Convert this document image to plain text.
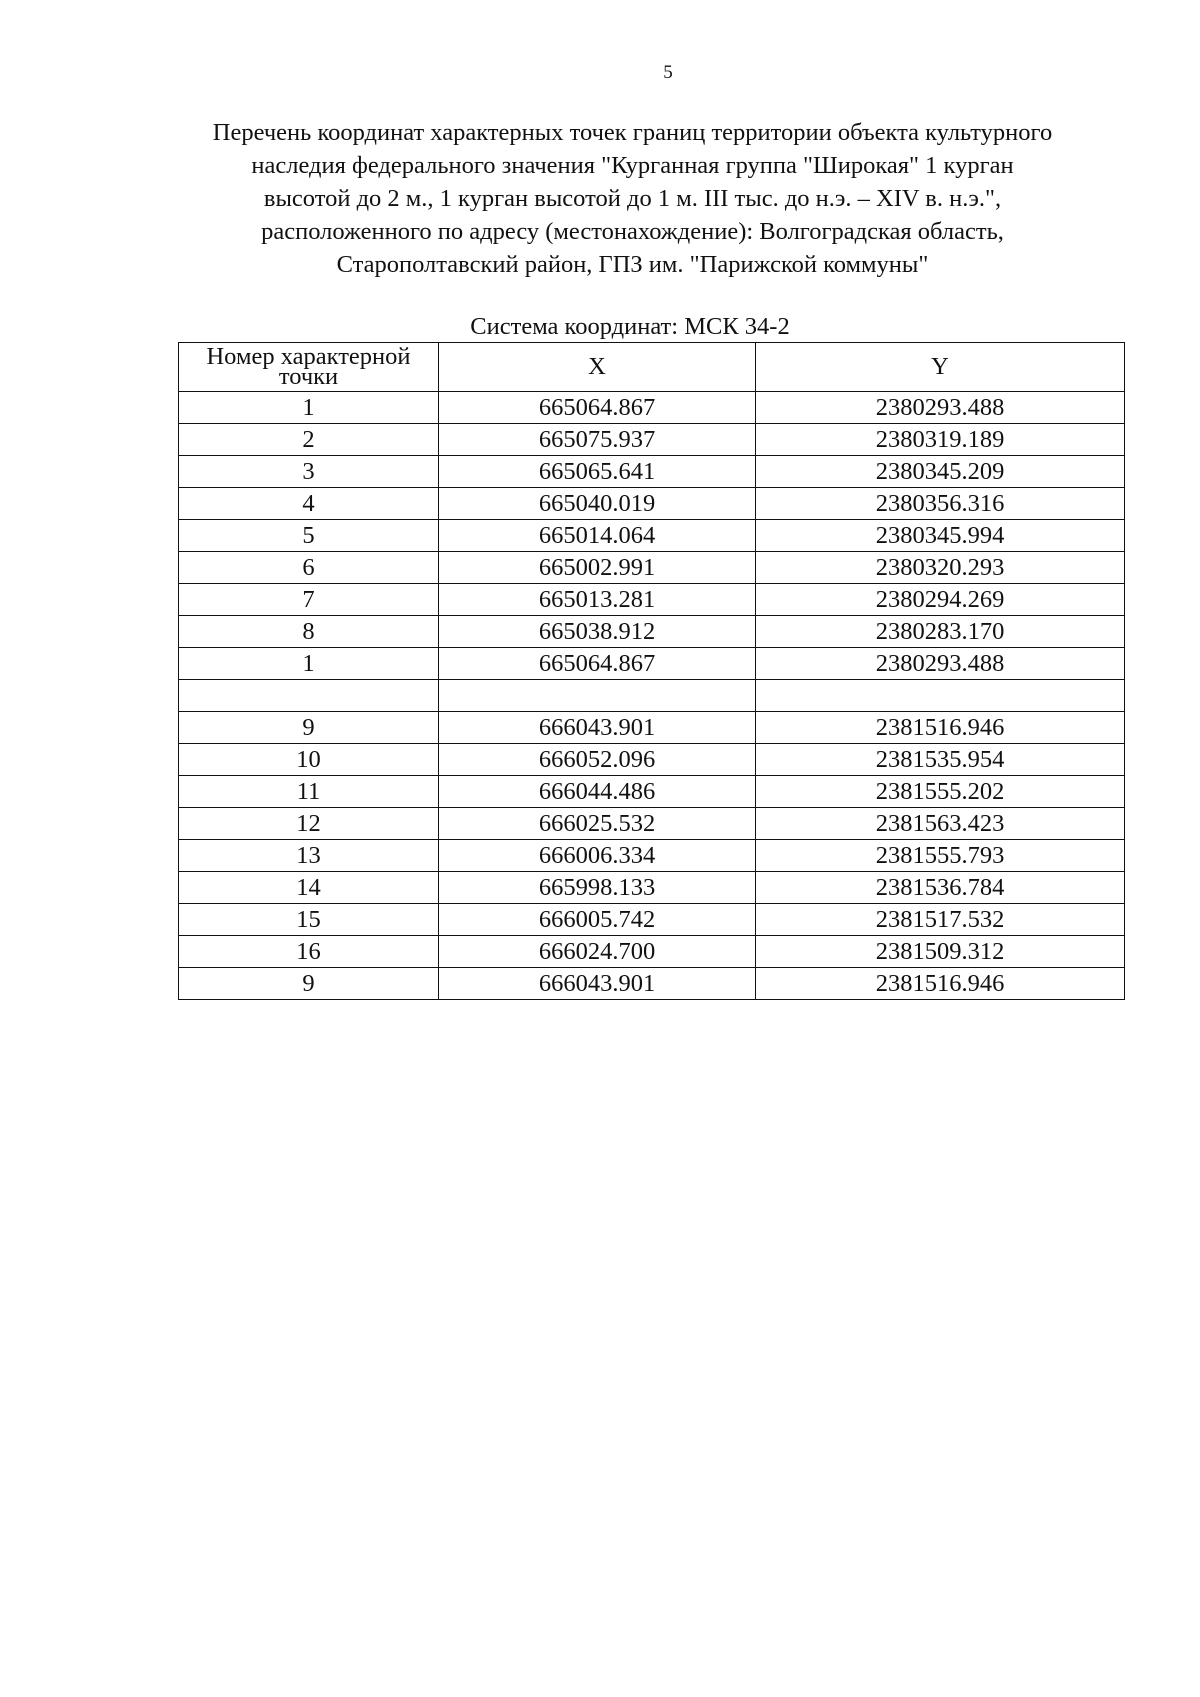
5
Перечень координат характерных точек границ территории объекта культурного
наследия федерального значения "Курганная группа "Широкая" 1 курган
высотой до 2 м., 1 курган высотой до 1 м. III тыс. до н.э. – XIV в. н.э.",
расположенного по адресу (местонахождение): Волгоградская область,
Старополтавский район, ГПЗ им. "Парижской коммуны"
Система координат: МСК 34-2
Номер характерной точки	X	Y
1	665064.867	2380293.488
2	665075.937	2380319.189
3	665065.641	2380345.209
4	665040.019	2380356.316
5	665014.064	2380345.994
6	665002.991	2380320.293
7	665013.281	2380294.269
8	665038.912	2380283.170
1	665064.867	2380293.488

9	666043.901	2381516.946
10	666052.096	2381535.954
11	666044.486	2381555.202
12	666025.532	2381563.423
13	666006.334	2381555.793
14	665998.133	2381536.784
15	666005.742	2381517.532
16	666024.700	2381509.312
9	666043.901	2381516.946
